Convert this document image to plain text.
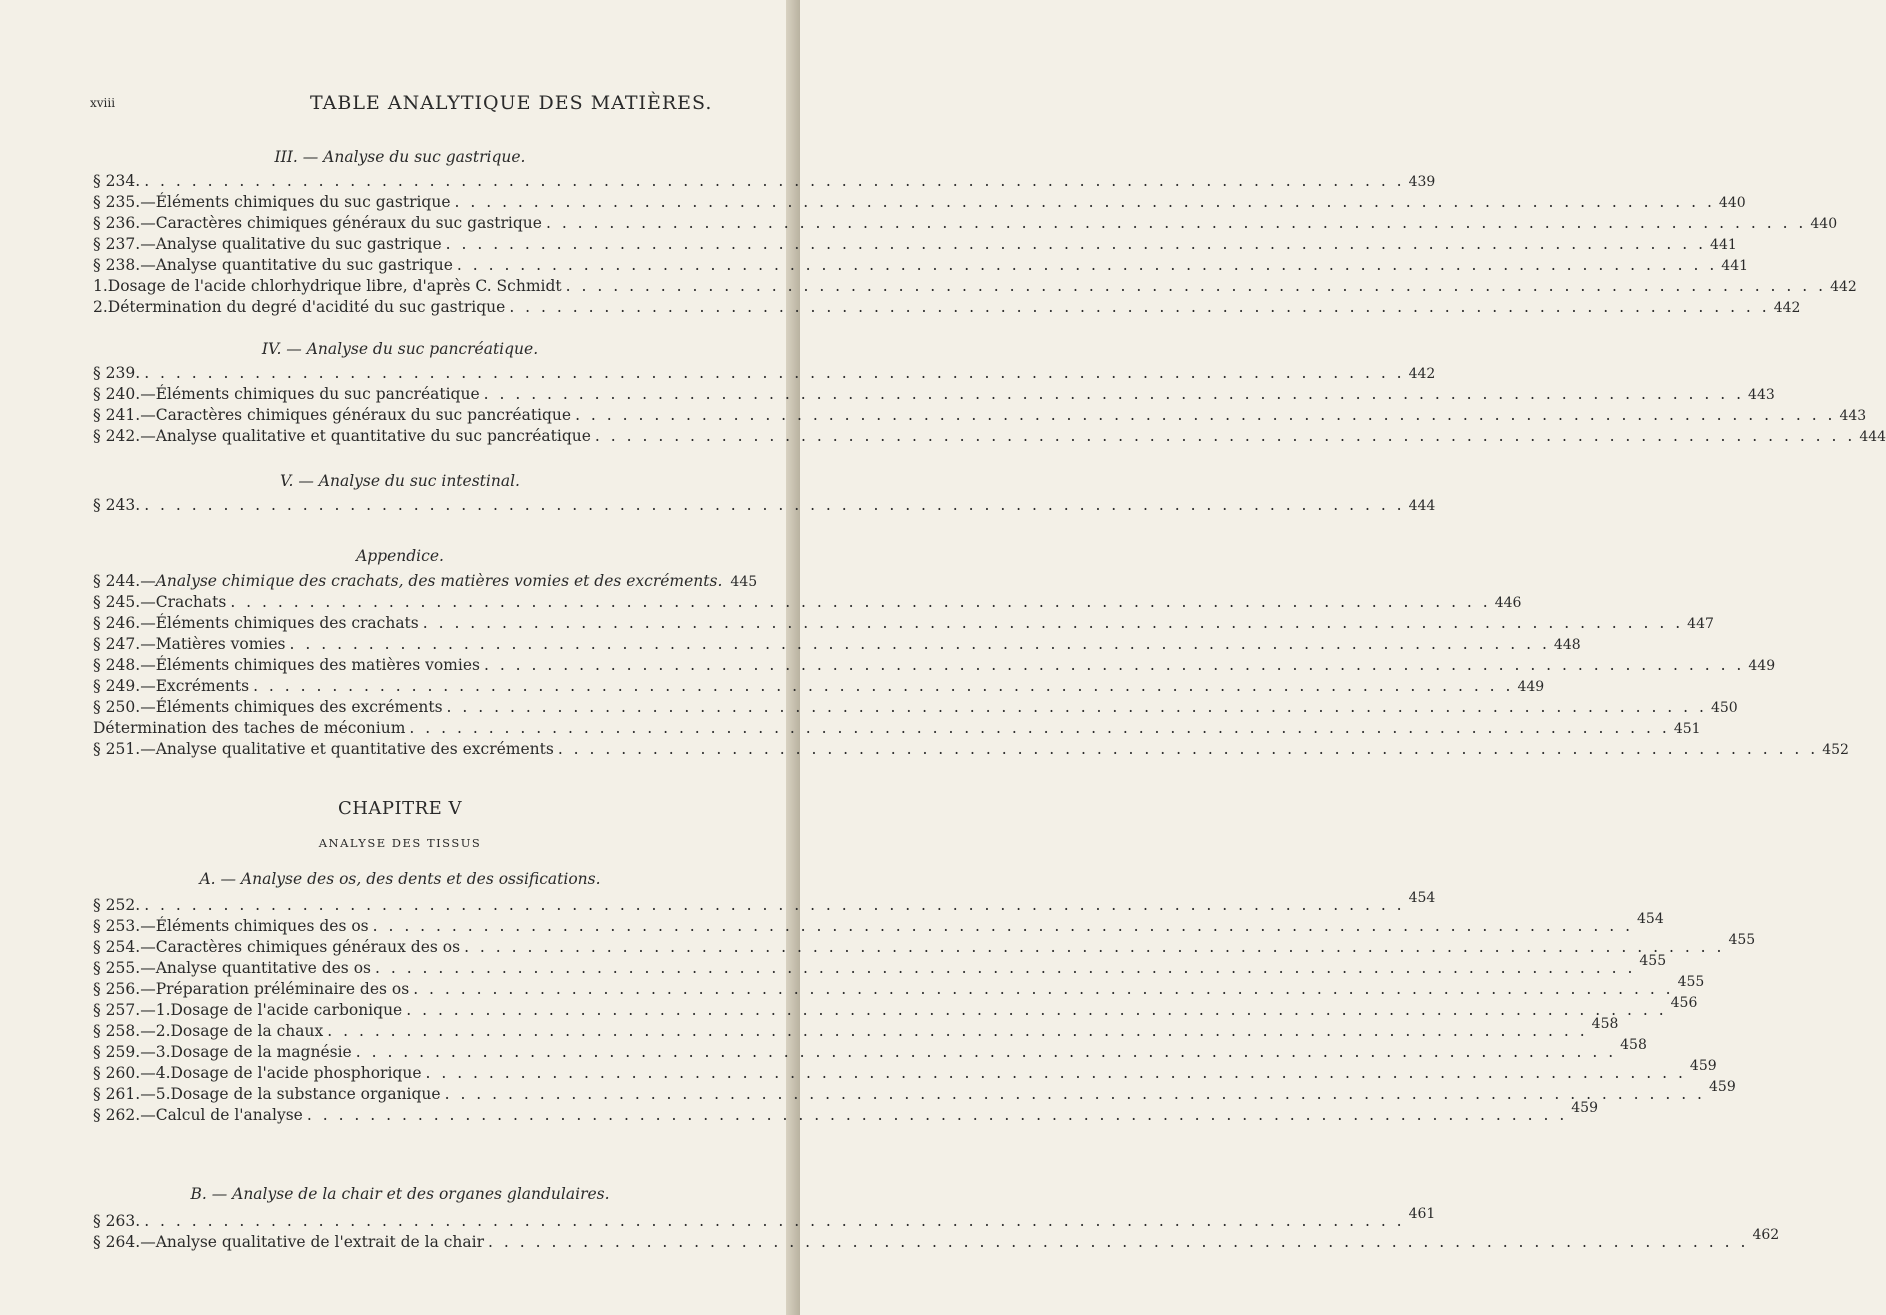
xviii	TABLE ANALYTIQUE DES MATIÈRES.
III. — Analyse du suc gastrique.
§ 234. . . . . . . . . . . . . . . . . . . . . . . . . . . . . . . . . . . . . . . . . . . . . . . . . . . . . . . . . . . . . . . . . . . . . . . . . . . . . . . . . 439
§ 235. — Éléments chimiques du suc gastrique . . . . . . . . . . . . . . . . . . . . . . . . . . . . . . . . . . . . . . . . . . . . . . . . . . . . . . . . . . . . . . . . . . . . . . . . . . . . . . . . 440
§ 236. — Caractères chimiques généraux du suc gastrique . . . . . . . . . . . . . . . . . . . . . . . . . . . . . . . . . . . . . . . . . . . . . . . . . . . . . . . . . . . . . . . . . . . . . . . . . . . . . . . . 440
§ 237. — Analyse qualitative du suc gastrique . . . . . . . . . . . . . . . . . . . . . . . . . . . . . . . . . . . . . . . . . . . . . . . . . . . . . . . . . . . . . . . . . . . . . . . . . . . . . . . . 441
§ 238. — Analyse quantitative du suc gastrique . . . . . . . . . . . . . . . . . . . . . . . . . . . . . . . . . . . . . . . . . . . . . . . . . . . . . . . . . . . . . . . . . . . . . . . . . . . . . . . . 441
1. Dosage de l'acide chlorhydrique libre, d'après C. Schmidt . . . . . . . . . . . . . . . . . . . . . . . . . . . . . . . . . . . . . . . . . . . . . . . . . . . . . . . . . . . . . . . . . . . . . . . . . . . . . . . . 442
2. Détermination du degré d'acidité du suc gastrique . . . . . . . . . . . . . . . . . . . . . . . . . . . . . . . . . . . . . . . . . . . . . . . . . . . . . . . . . . . . . . . . . . . . . . . . . . . . . . . . 442
IV. — Analyse du suc pancréatique.
§ 239. . . . . . . . . . . . . . . . . . . . . . . . . . . . . . . . . . . . . . . . . . . . . . . . . . . . . . . . . . . . . . . . . . . . . . . . . . . . . . . . . 442
§ 240. — Éléments chimiques du suc pancréatique . . . . . . . . . . . . . . . . . . . . . . . . . . . . . . . . . . . . . . . . . . . . . . . . . . . . . . . . . . . . . . . . . . . . . . . . . . . . . . . . 443
§ 241. — Caractères chimiques généraux du suc pancréatique . . . . . . . . . . . . . . . . . . . . . . . . . . . . . . . . . . . . . . . . . . . . . . . . . . . . . . . . . . . . . . . . . . . . . . . . . . . . . . . . 443
§ 242. — Analyse qualitative et quantitative du suc pancréatique . . . . . . . . . . . . . . . . . . . . . . . . . . . . . . . . . . . . . . . . . . . . . . . . . . . . . . . . . . . . . . . . . . . . . . . . . . . . . . . . 444
V. — Analyse du suc intestinal.
§ 243. . . . . . . . . . . . . . . . . . . . . . . . . . . . . . . . . . . . . . . . . . . . . . . . . . . . . . . . . . . . . . . . . . . . . . . . . . . . . . . . . 444
Appendice.
§ 244. — Analyse chimique des crachats, des matières vomies et des excréments. 445
§ 245. — Crachats . . . . . . . . . . . . . . . . . . . . . . . . . . . . . . . . . . . . . . . . . . . . . . . . . . . . . . . . . . . . . . . . . . . . . . . . . . . . . . . . 446
§ 246. — Éléments chimiques des crachats . . . . . . . . . . . . . . . . . . . . . . . . . . . . . . . . . . . . . . . . . . . . . . . . . . . . . . . . . . . . . . . . . . . . . . . . . . . . . . . . 447
§ 247. — Matières vomies . . . . . . . . . . . . . . . . . . . . . . . . . . . . . . . . . . . . . . . . . . . . . . . . . . . . . . . . . . . . . . . . . . . . . . . . . . . . . . . . 448
§ 248. — Éléments chimiques des matières vomies . . . . . . . . . . . . . . . . . . . . . . . . . . . . . . . . . . . . . . . . . . . . . . . . . . . . . . . . . . . . . . . . . . . . . . . . . . . . . . . . 449
§ 249. — Excréments . . . . . . . . . . . . . . . . . . . . . . . . . . . . . . . . . . . . . . . . . . . . . . . . . . . . . . . . . . . . . . . . . . . . . . . . . . . . . . . . 449
§ 250. — Éléments chimiques des excréments . . . . . . . . . . . . . . . . . . . . . . . . . . . . . . . . . . . . . . . . . . . . . . . . . . . . . . . . . . . . . . . . . . . . . . . . . . . . . . . . 450
Détermination des taches de méconium . . . . . . . . . . . . . . . . . . . . . . . . . . . . . . . . . . . . . . . . . . . . . . . . . . . . . . . . . . . . . . . . . . . . . . . . . . . . . . . . 451
§ 251. — Analyse qualitative et quantitative des excréments . . . . . . . . . . . . . . . . . . . . . . . . . . . . . . . . . . . . . . . . . . . . . . . . . . . . . . . . . . . . . . . . . . . . . . . . . . . . . . . . 452
CHAPITRE V
ANALYSE DES TISSUS
A. — Analyse des os, des dents et des ossifications.
§ 252. . . . . . . . . . . . . . . . . . . . . . . . . . . . . . . . . . . . . . . . . . . . . . . . . . . . . . . . . . . . . . . . . . . . . . . . . . . . . . . . . 454
§ 253. — Éléments chimiques des os . . . . . . . . . . . . . . . . . . . . . . . . . . . . . . . . . . . . . . . . . . . . . . . . . . . . . . . . . . . . . . . . . . . . . . . . . . . . . . . . 454
§ 254. — Caractères chimiques généraux des os . . . . . . . . . . . . . . . . . . . . . . . . . . . . . . . . . . . . . . . . . . . . . . . . . . . . . . . . . . . . . . . . . . . . . . . . . . . . . . . . 455
§ 255. — Analyse quantitative des os . . . . . . . . . . . . . . . . . . . . . . . . . . . . . . . . . . . . . . . . . . . . . . . . . . . . . . . . . . . . . . . . . . . . . . . . . . . . . . . . 455
§ 256. — Préparation préléminaire des os . . . . . . . . . . . . . . . . . . . . . . . . . . . . . . . . . . . . . . . . . . . . . . . . . . . . . . . . . . . . . . . . . . . . . . . . . . . . . . . . 455
§ 257. — 1. Dosage de l'acide carbonique . . . . . . . . . . . . . . . . . . . . . . . . . . . . . . . . . . . . . . . . . . . . . . . . . . . . . . . . . . . . . . . . . . . . . . . . . . . . . . . . 456
§ 258. — 2. Dosage de la chaux . . . . . . . . . . . . . . . . . . . . . . . . . . . . . . . . . . . . . . . . . . . . . . . . . . . . . . . . . . . . . . . . . . . . . . . . . . . . . . . . 458
§ 259. — 3. Dosage de la magnésie . . . . . . . . . . . . . . . . . . . . . . . . . . . . . . . . . . . . . . . . . . . . . . . . . . . . . . . . . . . . . . . . . . . . . . . . . . . . . . . . 458
§ 260. — 4. Dosage de l'acide phosphorique . . . . . . . . . . . . . . . . . . . . . . . . . . . . . . . . . . . . . . . . . . . . . . . . . . . . . . . . . . . . . . . . . . . . . . . . . . . . . . . . 459
§ 261. — 5. Dosage de la substance organique . . . . . . . . . . . . . . . . . . . . . . . . . . . . . . . . . . . . . . . . . . . . . . . . . . . . . . . . . . . . . . . . . . . . . . . . . . . . . . . . 459
§ 262. — Calcul de l'analyse . . . . . . . . . . . . . . . . . . . . . . . . . . . . . . . . . . . . . . . . . . . . . . . . . . . . . . . . . . . . . . . . . . . . . . . . . . . . . . . . 459
B. — Analyse de la chair et des organes glandulaires.
§ 263. . . . . . . . . . . . . . . . . . . . . . . . . . . . . . . . . . . . . . . . . . . . . . . . . . . . . . . . . . . . . . . . . . . . . . . . . . . . . . . . . 461
§ 264. — Analyse qualitative de l'extrait de la chair . . . . . . . . . . . . . . . . . . . . . . . . . . . . . . . . . . . . . . . . . . . . . . . . . . . . . . . . . . . . . . . . . . . . . . . . . . . . . . . . 462
